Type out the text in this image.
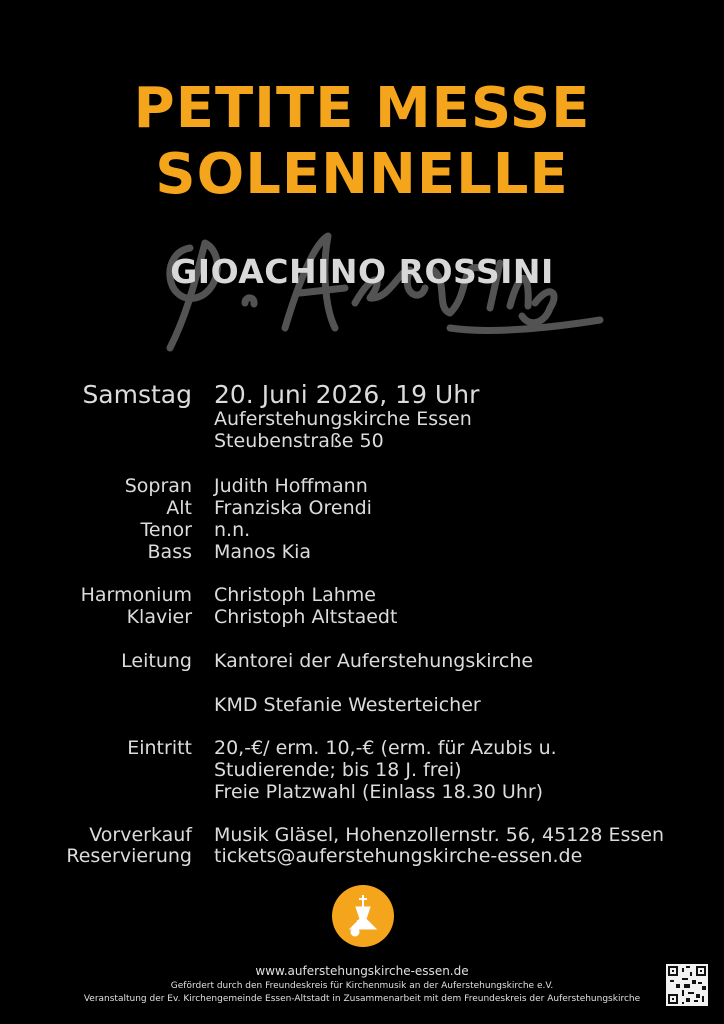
PETITE MESSE
SOLENNELLE
GIOACHINO ROSSINI
Samstag 20. Juni 2026, 19 Uhr
Auferstehungskirche Essen
Steubenstraße 50
Sopran Judith Hoffmann
Alt Franziska Orendi
Tenor n.n.
Bass Manos Kia
Harmonium Christoph Lahme
Klavier Christoph Altstaedt
Leitung Kantorei der Auferstehungskirche
KMD Stefanie Westerteicher
Eintritt 20,-€/ erm. 10,-€ (erm. für Azubis u.
Studierende; bis 18 J. frei)
Freie Platzwahl (Einlass 18.30 Uhr)
Vorverkauf Musik Gläsel, Hohenzollernstr. 56, 45128 Essen
Reservierung tickets@auferstehungskirche-essen.de
www.auferstehungskirche-essen.de
Gefördert durch den Freundeskreis für Kirchenmusik an der Auferstehungskirche e.V.
Veranstaltung der Ev. Kirchengemeinde Essen-Altstadt in Zusammenarbeit mit dem Freundeskreis der Auferstehungskirche
